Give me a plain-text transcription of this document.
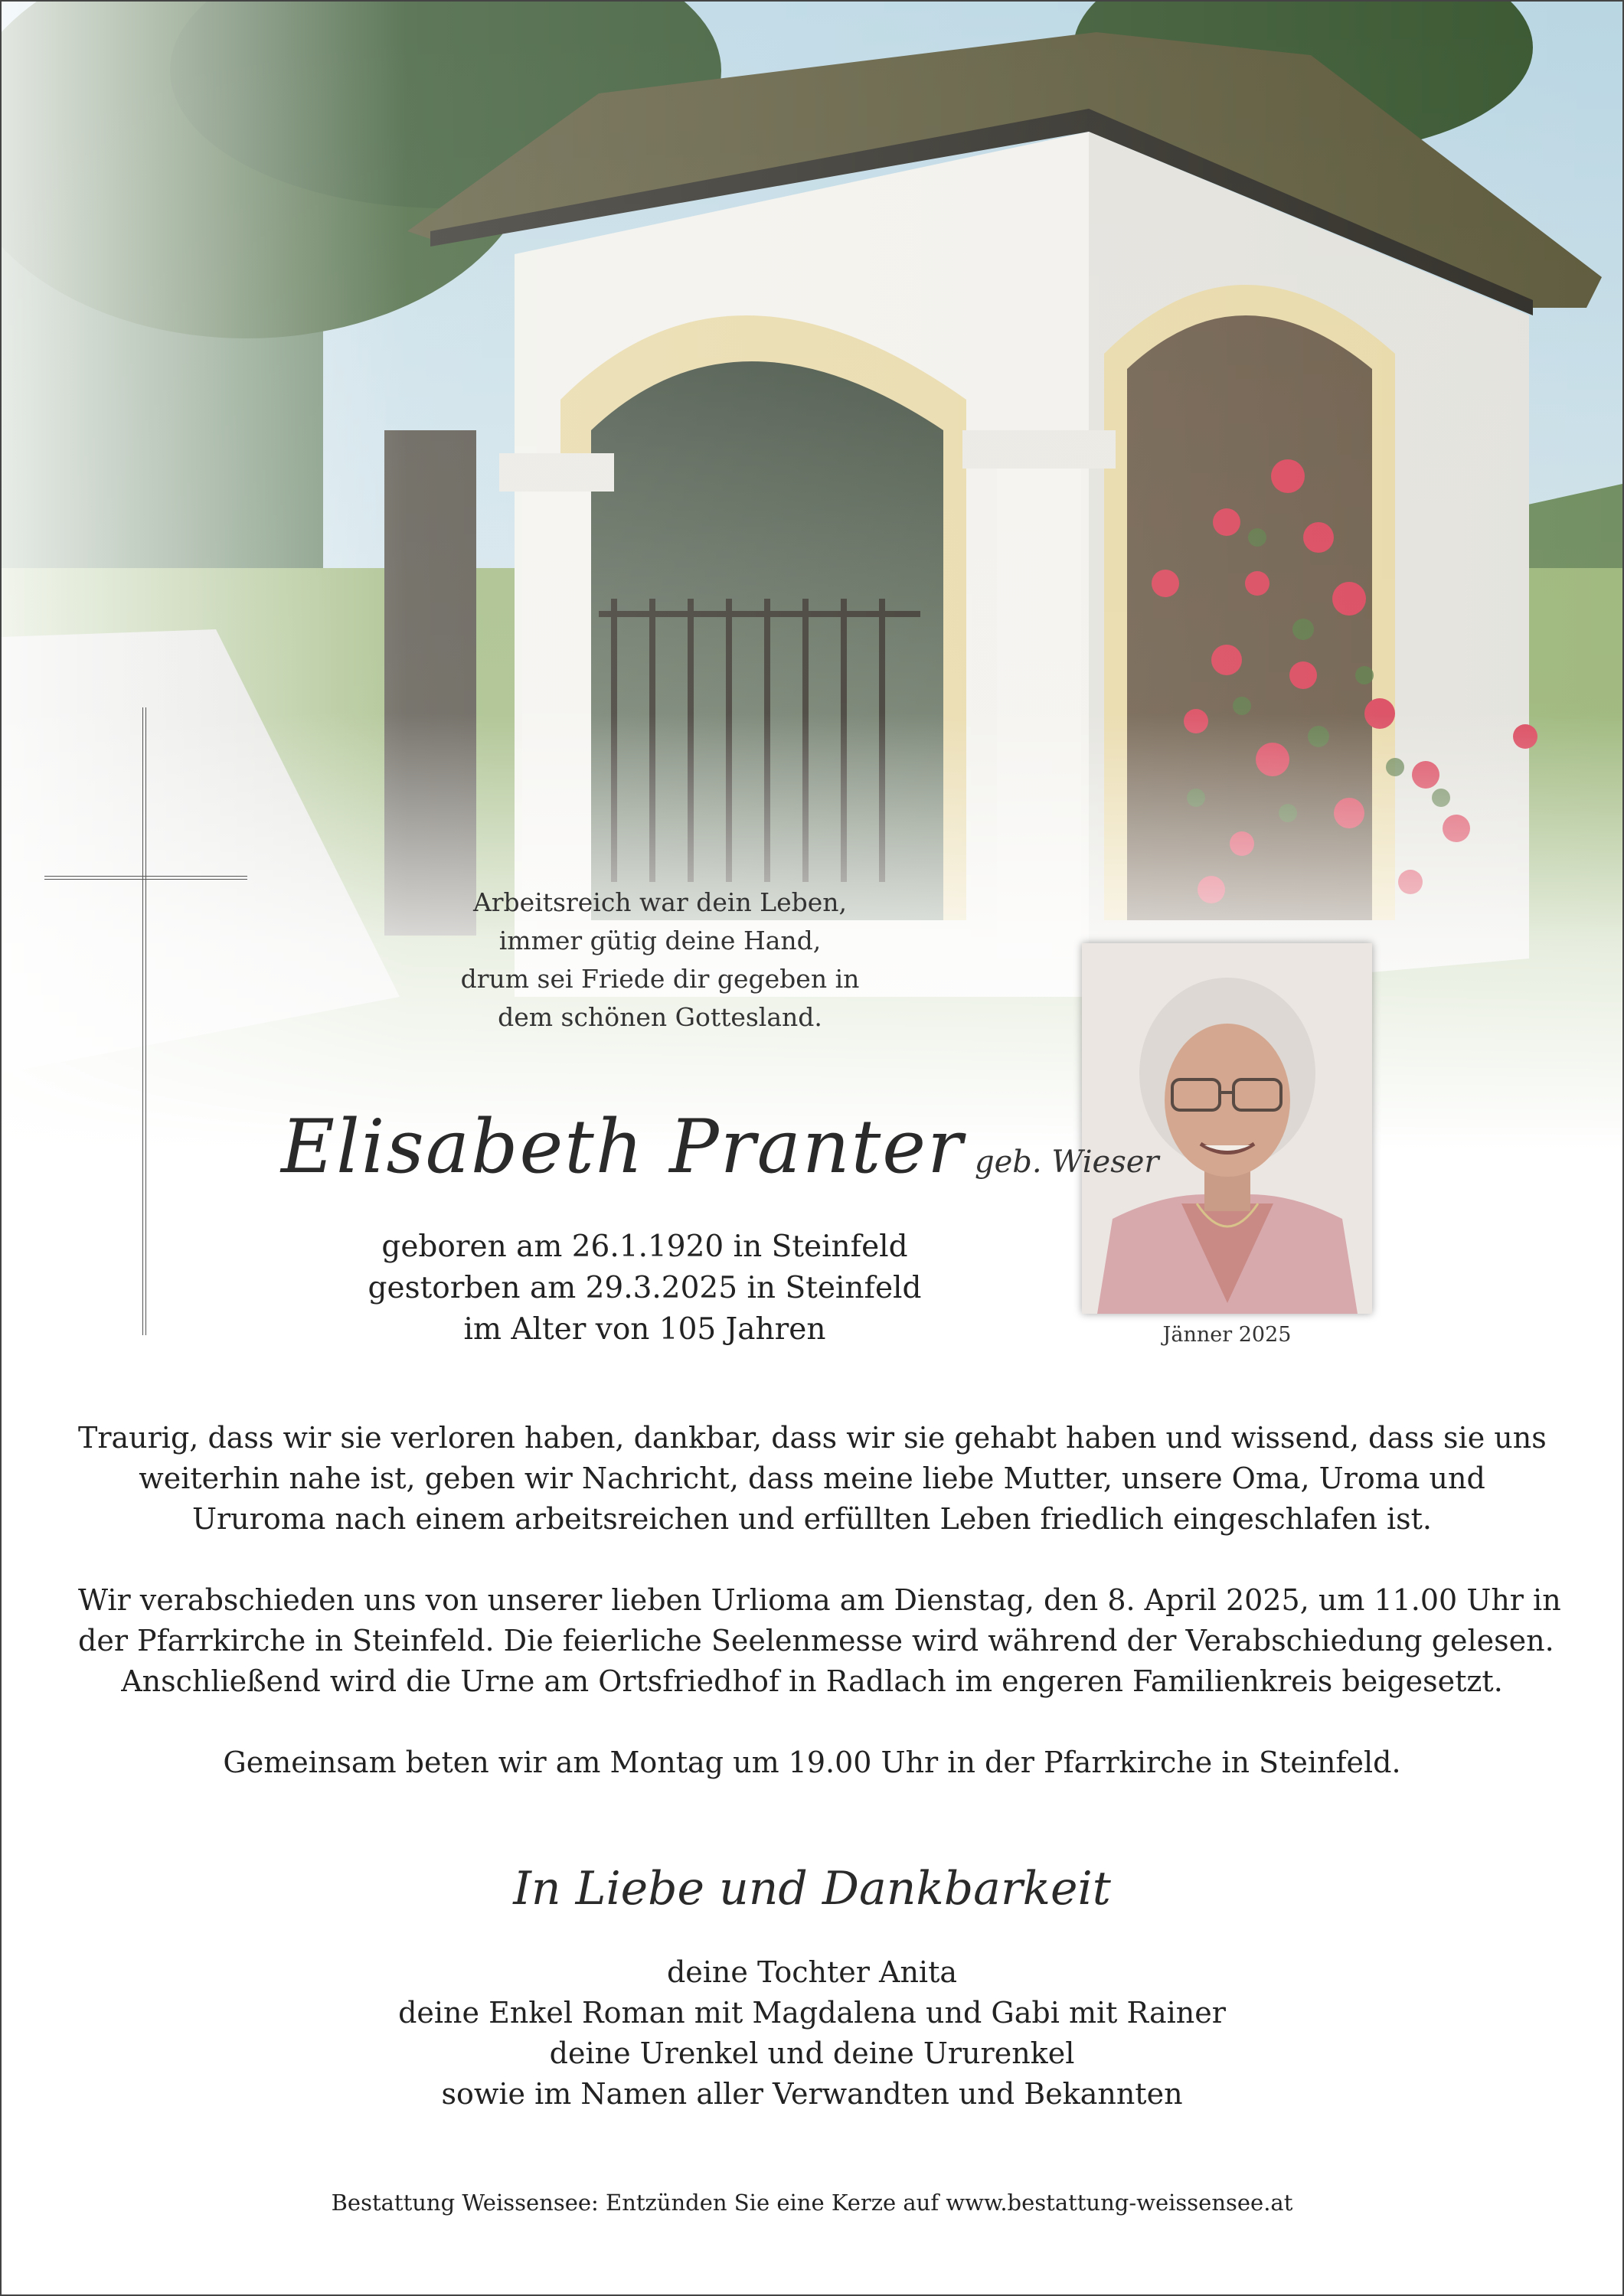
Arbeitsreich war dein Leben,
immer gütig deine Hand,
drum sei Friede dir gegeben in
dem schönen Gottesland.
Jänner 2025
Elisabeth Pranter geb. Wieser
geboren am 26.1.1920 in Steinfeld
gestorben am 29.3.2025 in Steinfeld
im Alter von 105 Jahren
Traurig, dass wir sie verloren haben, dankbar, dass wir sie gehabt haben und wissend, dass sie uns
weiterhin nahe ist, geben wir Nachricht, dass meine liebe Mutter, unsere Oma, Uroma und
Ururoma nach einem arbeitsreichen und erfüllten Leben friedlich eingeschlafen ist.
Wir verabschieden uns von unserer lieben Urlioma am Dienstag, den 8. April 2025, um 11.00 Uhr in
der Pfarrkirche in Steinfeld. Die feierliche Seelenmesse wird während der Verabschiedung gelesen.
Anschließend wird die Urne am Ortsfriedhof in Radlach im engeren Familienkreis beigesetzt.
Gemeinsam beten wir am Montag um 19.00 Uhr in der Pfarrkirche in Steinfeld.
In Liebe und Dankbarkeit
deine Tochter Anita
deine Enkel Roman mit Magdalena und Gabi mit Rainer
deine Urenkel und deine Ururenkel
sowie im Namen aller Verwandten und Bekannten
Bestattung Weissensee: Entzünden Sie eine Kerze auf www.bestattung-weissensee.at
